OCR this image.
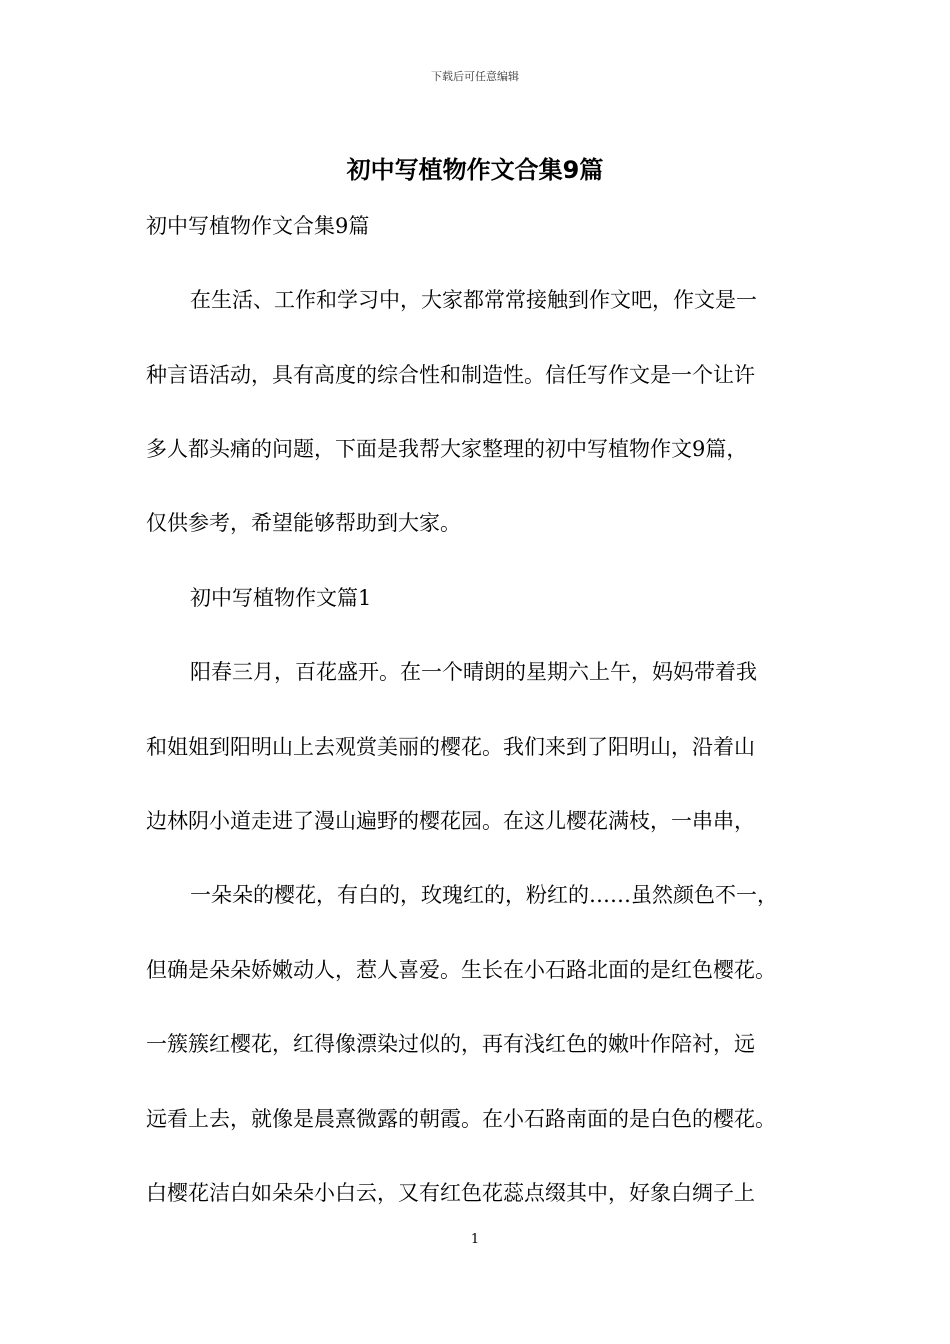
下载后可任意编辑
初中写植物作文合集9篇
初中写植物作文合集9篇
在生活、工作和学习中，大家都常常接触到作文吧，作文是一
种言语活动，具有高度的综合性和制造性。信任写作文是一个让许
多人都头痛的问题，下面是我帮大家整理的初中写植物作文9篇，
仅供参考，希望能够帮助到大家。
初中写植物作文篇1
阳春三月，百花盛开。在一个晴朗的星期六上午，妈妈带着我
和姐姐到阳明山上去观赏美丽的樱花。我们来到了阳明山，沿着山
边林阴小道走进了漫山遍野的樱花园。在这儿樱花满枝，一串串，
一朵朵的樱花，有白的，玫瑰红的，粉红的……虽然颜色不一，
但确是朵朵娇嫩动人，惹人喜爱。生长在小石路北面的是红色樱花。
一簇簇红樱花，红得像漂染过似的，再有浅红色的嫩叶作陪衬，远
远看上去，就像是晨熹微露的朝霞。在小石路南面的是白色的樱花。
白樱花洁白如朵朵小白云，又有红色花蕊点缀其中，好象白绸子上
1
